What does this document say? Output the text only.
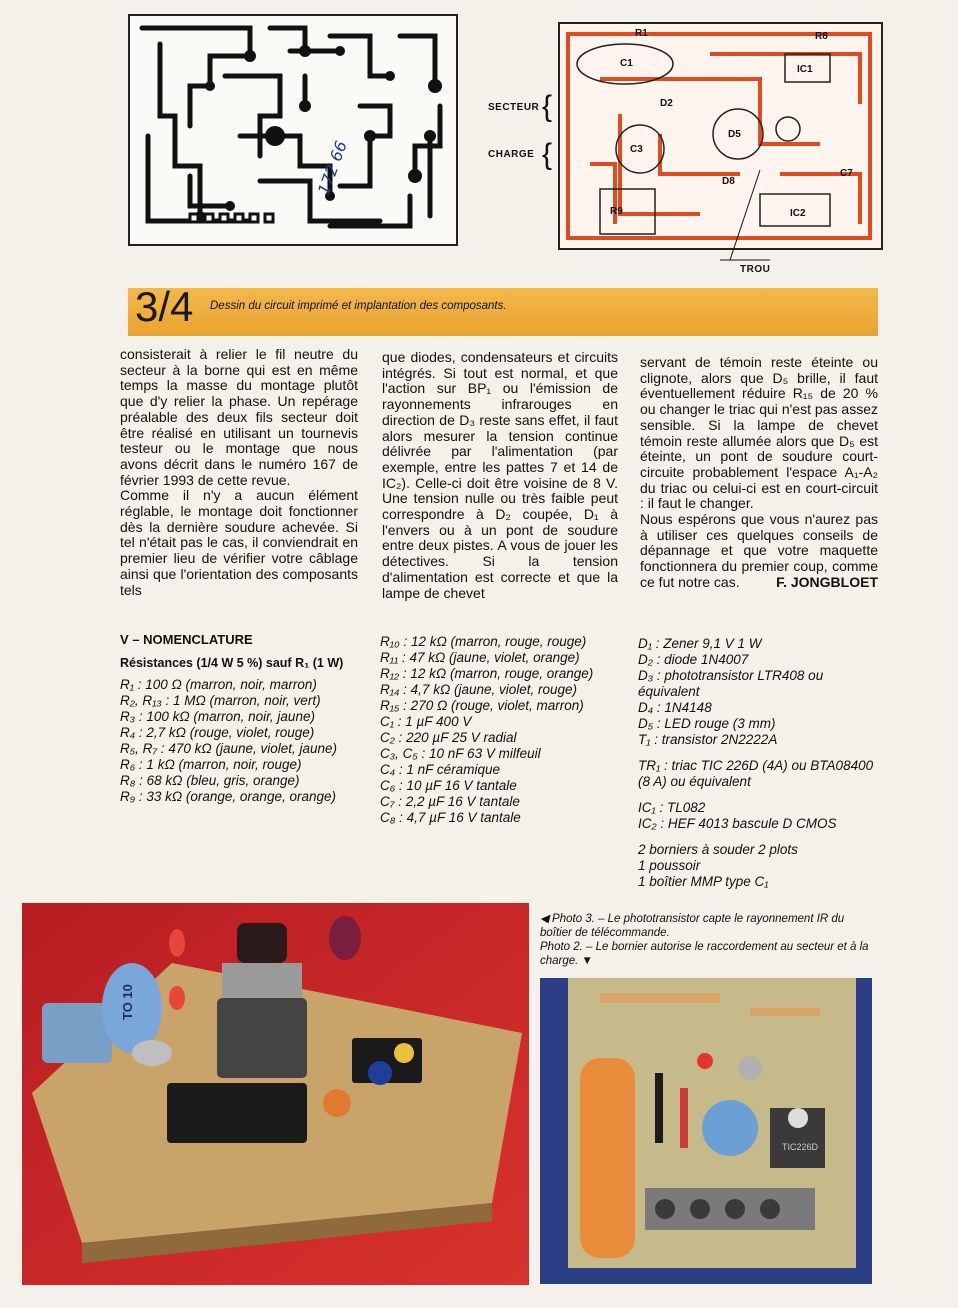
172 66
SECTEUR
CHARGE
{
{
C1
R1
C3
D5
R9	IC2
IC1
R8
D2
C7
D8
TROU
3/4 Dessin du circuit imprimé et implantation des composants.

consisterait à relier le fil neutre du secteur à la borne qui est en même temps la masse du montage plutôt que d'y relier la phase. Un repérage préalable des deux fils secteur doit être réalisé en utilisant un tournevis testeur ou le montage que nous avons décrit dans le numéro 167 de février 1993 de cette revue.

Comme il n'y a aucun élément réglable, le montage doit fonctionner dès la dernière soudure achevée. Si tel n'était pas le cas, il conviendrait en premier lieu de vérifier votre câblage ainsi que l'orientation des composants tels

que diodes, condensateurs et circuits intégrés. Si tout est normal, et que l'action sur BP₁ ou l'émission de rayonnements infrarouges en direction de D₃ reste sans effet, il faut alors mesurer la tension continue délivrée par l'alimentation (par exemple, entre les pattes 7 et 14 de IC₂). Celle-ci doit être voisine de 8 V. Une tension nulle ou très faible peut correspondre à D₂ coupée, D₁ à l'envers ou à un pont de soudure entre deux pistes. A vous de jouer les détectives. Si la tension d'alimentation est correcte et que la lampe de chevet

servant de témoin reste éteinte ou clignote, alors que D₅ brille, il faut éventuellement réduire R₁₅ de 20 % ou changer le triac qui n'est pas assez sensible. Si la lampe de chevet témoin reste allumée alors que D₅ est éteinte, un pont de soudure court-circuite probablement l'espace A₁-A₂ du triac ou celui-ci est en court-circuit : il faut le changer.

Nous espérons que vous n'aurez pas à utiliser ces quelques conseils de dépannage et que votre maquette fonctionnera du premier coup, comme ce fut notre cas.	F. JONGBLOET

V – NOMENCLATURE
Résistances (1/4 W 5 %) sauf R₁ (1 W)

R₁ : 100 Ω (marron, noir, marron)

R₂, R₁₃ : 1 MΩ (marron, noir, vert)

R₃ : 100 kΩ (marron, noir, jaune)

R₄ : 2,7 kΩ (rouge, violet, rouge)

R₅, R₇ : 470 kΩ (jaune, violet, jaune)

R₆ : 1 kΩ (marron, noir, rouge)

R₈ : 68 kΩ (bleu, gris, orange)

R₉ : 33 kΩ (orange, orange, orange)

R₁₀ : 12 kΩ (marron, rouge, rouge)

R₁₁ : 47 kΩ (jaune, violet, orange)

R₁₂ : 12 kΩ (marron, rouge, orange)

R₁₄ : 4,7 kΩ (jaune, violet, rouge)

R₁₅ : 270 Ω (rouge, violet, marron)

C₁ : 1 µF 400 V

C₂ : 220 µF 25 V radial

C₃, C₅ : 10 nF 63 V milfeuil

C₄ : 1 nF céramique

C₆ : 10 µF 16 V tantale

C₇ : 2,2 µF 16 V tantale

C₈ : 4,7 µF 16 V tantale

D₁ : Zener 9,1 V 1 W

D₂ : diode 1N4007

D₃ : phototransistor LTR408 ou équivalent

D₄ : 1N4148

D₅ : LED rouge (3 mm)

T₁ : transistor 2N2222A

TR₁ : triac TIC 226D (4A) ou BTA08400 (8 A) ou équivalent

IC₁ : TL082

IC₂ : HEF 4013 bascule D CMOS

2 borniers à souder 2 plots

1 poussoir

1 boîtier MMP type C₁

TO 10
◀ Photo 3. – Le phototransistor capte le rayonnement IR du boîtier de télécommande.
Photo 2. – Le bornier autorise le raccordement au secteur et à la charge. ▼
TIC226D
